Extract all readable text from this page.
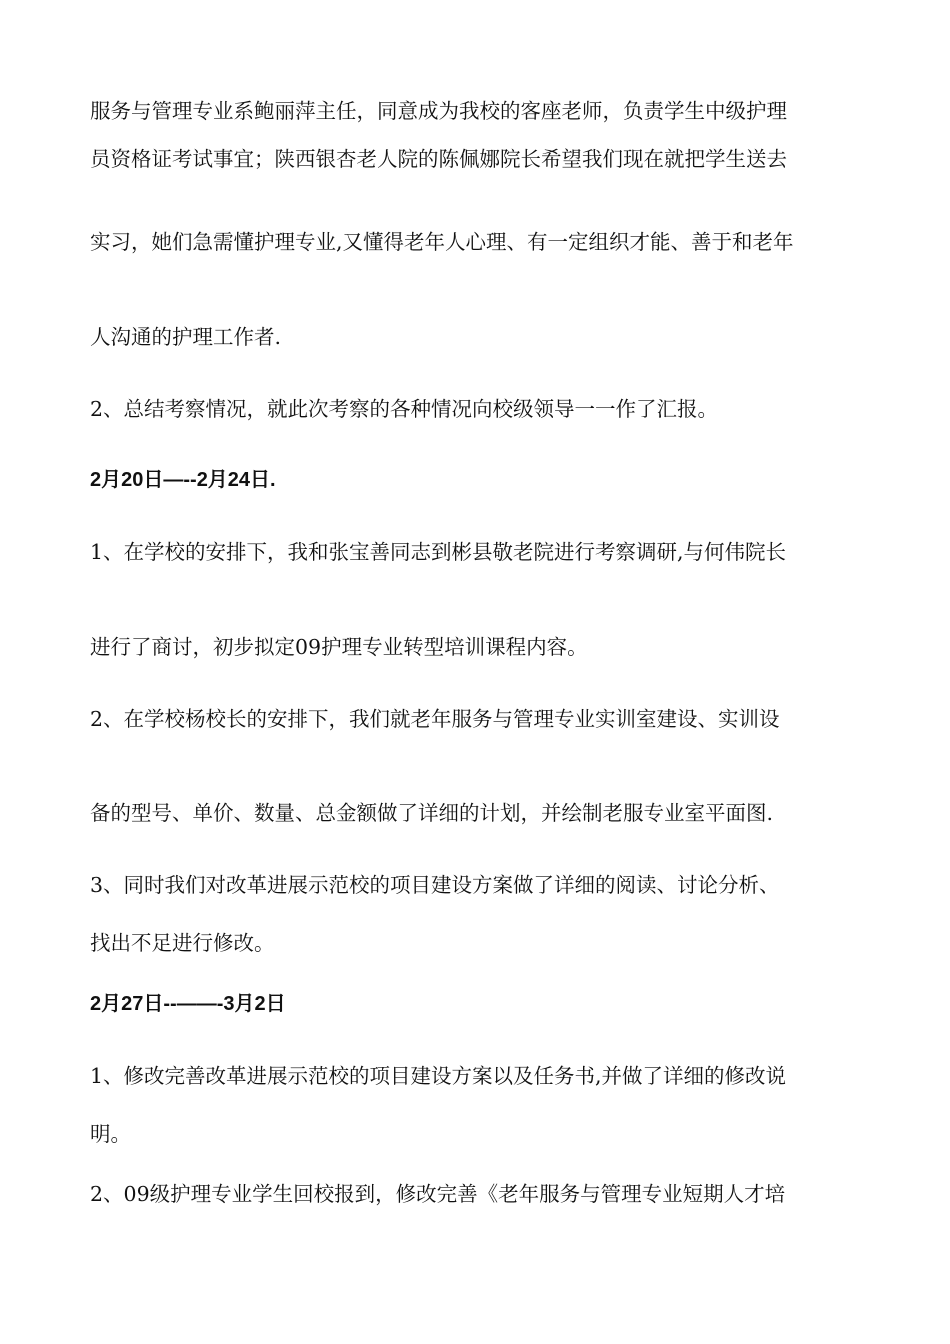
服务与管理专业系鲍丽萍主任，同意成为我校的客座老师，负责学生中级护理
员资格证考试事宜；陕西银杏老人院的陈佩娜院长希望我们现在就把学生送去
实习，她们急需懂护理专业,又懂得老年人心理、有一定组织才能、善于和老年
人沟通的护理工作者.
2、总结考察情况，就此次考察的各种情况向校级领导一一作了汇报。
2月20日—--2月24日.
1、在学校的安排下，我和张宝善同志到彬县敬老院进行考察调研,与何伟院长
进行了商讨，初步拟定09护理专业转型培训课程内容。
2、在学校杨校长的安排下，我们就老年服务与管理专业实训室建设、实训设
备的型号、单价、数量、总金额做了详细的计划，并绘制老服专业室平面图.
3、同时我们对改革进展示范校的项目建设方案做了详细的阅读、讨论分析、
找出不足进行修改。
2月27日--——-3月2日
1、修改完善改革进展示范校的项目建设方案以及任务书,并做了详细的修改说
明。
2、09级护理专业学生回校报到，修改完善《老年服务与管理专业短期人才培
